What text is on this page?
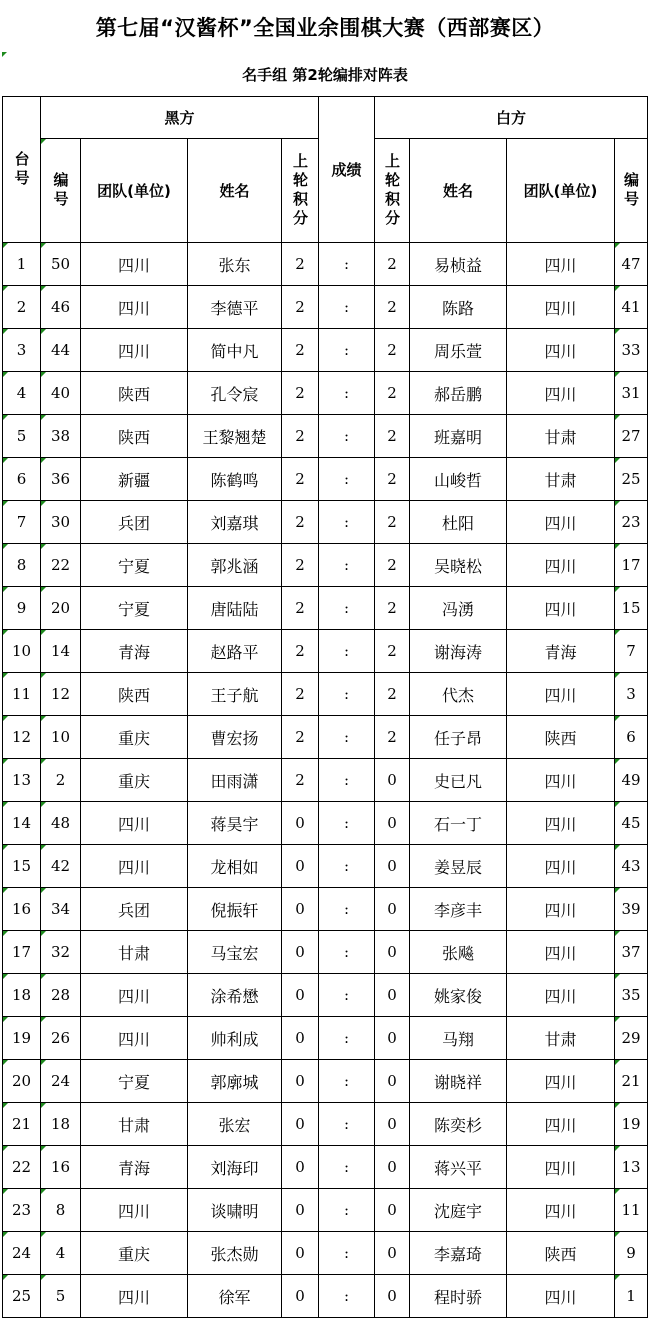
第七届“汉酱杯”全国业余围棋大赛（西部赛区）
名手组 第2轮编排对阵表
台号	黑方				成绩	白方			

	编号	团队(单位)	姓名	上轮积分		上轮积分	姓名	团队(单位)	编号

1	50	四川	张东	2	:	2	易桢益	四川	47

2	46	四川	李德平	2	:	2	陈路	四川	41

3	44	四川	简中凡	2	:	2	周乐萱	四川	33

4	40	陕西	孔令宸	2	:	2	郝岳鹏	四川	31

5	38	陕西	王黎翘楚	2	:	2	班嘉明	甘肃	27

6	36	新疆	陈鹤鸣	2	:	2	山峻哲	甘肃	25

7	30	兵团	刘嘉琪	2	:	2	杜阳	四川	23

8	22	宁夏	郭兆涵	2	:	2	吴晓松	四川	17

9	20	宁夏	唐陆陆	2	:	2	冯湧	四川	15

10	14	青海	赵路平	2	:	2	谢海涛	青海	7

11	12	陕西	王子航	2	:	2	代杰	四川	3

12	10	重庆	曹宏扬	2	:	2	任子昂	陕西	6

13	2	重庆	田雨潇	2	:	0	史已凡	四川	49

14	48	四川	蒋昊宇	0	:	0	石一丁	四川	45

15	42	四川	龙相如	0	:	0	姜昱辰	四川	43

16	34	兵团	倪振轩	0	:	0	李彦丰	四川	39

17	32	甘肃	马宝宏	0	:	0	张飚	四川	37

18	28	四川	涂希懋	0	:	0	姚家俊	四川	35

19	26	四川	帅利成	0	:	0	马翔	甘肃	29

20	24	宁夏	郭廓城	0	:	0	谢晓祥	四川	21

21	18	甘肃	张宏	0	:	0	陈奕杉	四川	19

22	16	青海	刘海印	0	:	0	蒋兴平	四川	13

23	8	四川	谈啸明	0	:	0	沈庭宇	四川	11

24	4	重庆	张杰勋	0	:	0	李嘉琦	陕西	9

25	5	四川	徐军	0	:	0	程时骄	四川	1
